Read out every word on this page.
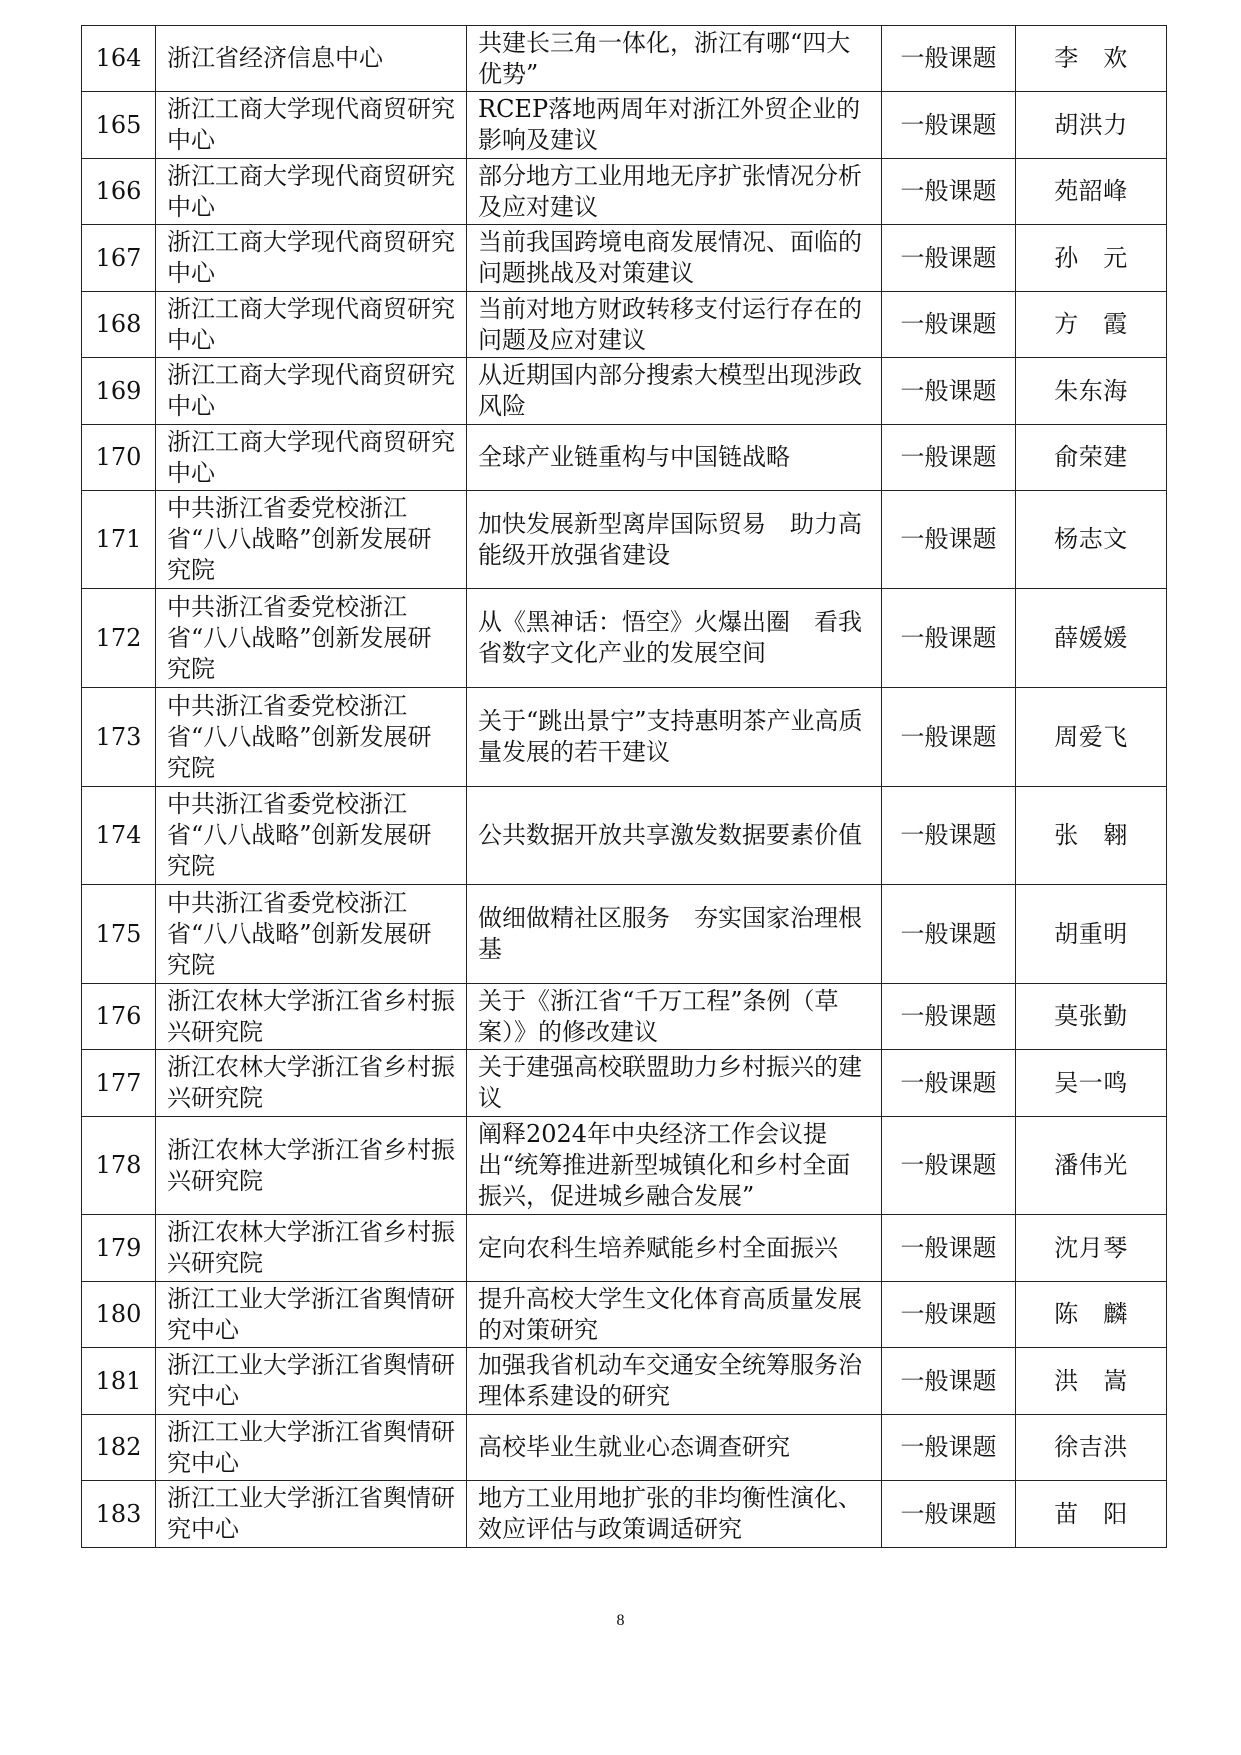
164	浙江省经济信息中心	共建长三角一体化，浙江有哪“四大优势”	一般课题	李　欢
165	浙江工商大学现代商贸研究中心	RCEP落地两周年对浙江外贸企业的影响及建议	一般课题	胡洪力
166	浙江工商大学现代商贸研究中心	部分地方工业用地无序扩张情况分析及应对建议	一般课题	苑韶峰
167	浙江工商大学现代商贸研究中心	当前我国跨境电商发展情况、面临的问题挑战及对策建议	一般课题	孙　元
168	浙江工商大学现代商贸研究中心	当前对地方财政转移支付运行存在的问题及应对建议	一般课题	方　霞
169	浙江工商大学现代商贸研究中心	从近期国内部分搜索大模型出现涉政风险	一般课题	朱东海
170	浙江工商大学现代商贸研究中心	全球产业链重构与中国链战略	一般课题	俞荣建
171	中共浙江省委党校浙江省“八八战略”创新发展研究院	加快发展新型离岸国际贸易　助力高能级开放强省建设	一般课题	杨志文
172	中共浙江省委党校浙江省“八八战略”创新发展研究院	从《黑神话：悟空》火爆出圈　看我省数字文化产业的发展空间	一般课题	薛媛媛
173	中共浙江省委党校浙江省“八八战略”创新发展研究院	关于“跳出景宁”支持惠明茶产业高质量发展的若干建议	一般课题	周爱飞
174	中共浙江省委党校浙江省“八八战略”创新发展研究院	公共数据开放共享激发数据要素价值	一般课题	张　翱
175	中共浙江省委党校浙江省“八八战略”创新发展研究院	做细做精社区服务　夯实国家治理根基	一般课题	胡重明
176	浙江农林大学浙江省乡村振兴研究院	关于《浙江省“千万工程”条例（草案）》的修改建议	一般课题	莫张勤
177	浙江农林大学浙江省乡村振兴研究院	关于建强高校联盟助力乡村振兴的建议	一般课题	吴一鸣
178	浙江农林大学浙江省乡村振兴研究院	阐释2024年中央经济工作会议提出“统筹推进新型城镇化和乡村全面振兴，促进城乡融合发展”	一般课题	潘伟光
179	浙江农林大学浙江省乡村振兴研究院	定向农科生培养赋能乡村全面振兴	一般课题	沈月琴
180	浙江工业大学浙江省舆情研究中心	提升高校大学生文化体育高质量发展的对策研究	一般课题	陈　麟
181	浙江工业大学浙江省舆情研究中心	加强我省机动车交通安全统筹服务治理体系建设的研究	一般课题	洪　嵩
182	浙江工业大学浙江省舆情研究中心	高校毕业生就业心态调查研究	一般课题	徐吉洪
183	浙江工业大学浙江省舆情研究中心	地方工业用地扩张的非均衡性演化、效应评估与政策调适研究	一般课题	苗　阳
8
